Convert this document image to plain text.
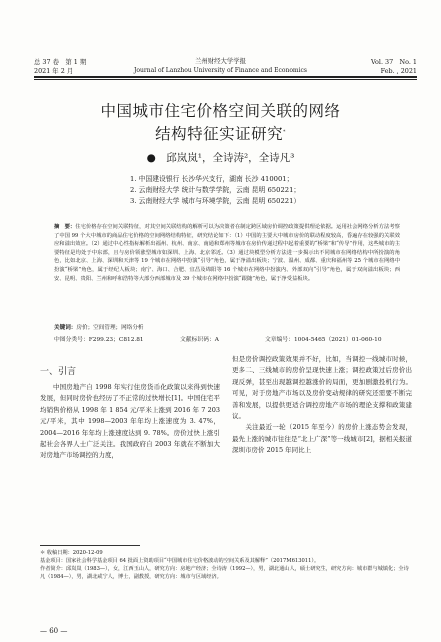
总 37 卷　第 1 期
2021 年 2 月
兰州财经大学学报
Journal of Lanzhou University of Finance and Economics
Vol. 37　No. 1
Feb. , 2021
中国城市住宅价格空间关联的网络
结构特征实证研究*
●　邱岚岚¹，全诗涛²，全诗凡³
1. 中国建设银行 长沙华兴支行，湖南 长沙 410001；
2. 云南财经大学 统计与数学学院，云南 昆明 650221；
3. 云南财经大学 城市与环境学院，云南 昆明 650221）
摘　要：住宅价格存在空间关联特征，对其空间关联结构的解析可以为决策者在制定跨区域房价调控政策提供理论依据。运用社会网络分析方法考察了中国 99 个大中城市的商品住宅价格的空间网络结构特征，研究结论如下：（1）中国的主要大中城市房价的联动程度较高，昏遍存在较强的关联效应和溢出效应。（2）通过中心性指标解析出福州、杭州、南京、南通和郑州等城市在房价传递过程中起着重要的“桥梁”和“传导”作用，这些城市的主要特征是均处于中东部，且与房价领涨型城市如深圳、上海、北京邻近。（3）通过块模型分析方法进一步揭示出不同城市在网络结构中所扮演的角色，比如北京、上海、深圳和天津等 19 个城市在网络中扮演“引导”角色，属于净溢出板块；宁波、温州、成都、重庆和福州等 25 个城市在网络中扮演“桥梁”角色，属于经纪人板块；南宁、海口、合肥、宜昌及绵阳等 16 个城市在网络中扮演内、外部双向“引导”角色，属于双向溢出板块；西安、昆明、贵阳、兰州和呼和浩特等大部分西部城市及 39 个城市在网络中扮演“跟随”角色，属于净受益板块。
关键词：房价；空间管理；网络分析
中图分类号：F299.23；C812.81	文献标识码：A	文章编号：1004-5465（2021）01-060-10
一、引言
中国房地产自 1998 年实行住房货币化政策以来得到快速发展，但同时房价也经历了不正常的过快增长[1]。中国住宅平均销售价格从 1998 年 1 854 元/平米上涨到 2016 年 7 203 元/平米，其中 1998—2003 年年均上涨速度为 3. 47%，2004—2016 年年均上涨速度达到 9. 78%。房价过快上涨引起社会各界人士广泛关注。我国政府自 2003 年就在不断加大对房地产市场调控的力度，
但是房价调控政策效果并不好，比如，当调控一线城市时候，更多二、三线城市的房价呈现快速上涨；调控政策过后房价出现反弹，甚至出现越调控越涨价的局面，更加剧激投机行为。可见，对于房地产市场以及房价变动规律的研究还需要不断完善和发展，以提供更适合调控房地产市场的理论支撑和政策建议。
　　关注最近一轮（2015 年至今）的房价上涨态势会发现，最先上涨的城市往往是“北上广深”等一线城市[2]，据相关报道深圳市房价 2015 年同比上
＊ 收稿日期：2020-12-09
基金项目：国家社会科学基金项目 64 批面上资助项目“中国城市住宅价格波动的空间关系及其解释”（2017M613011）。
作者简介：邱岚岚（1983—），女，江西玉山人，研究方向：房地产经济；全诗涛（1992—），男，湖北通山人，硕士研究生，研究方向：城市群与城镇化；全诗凡（1984—），男，湖北咸宁人，博士，副教授，研究方向：城市与区域经济。
— 60 —
